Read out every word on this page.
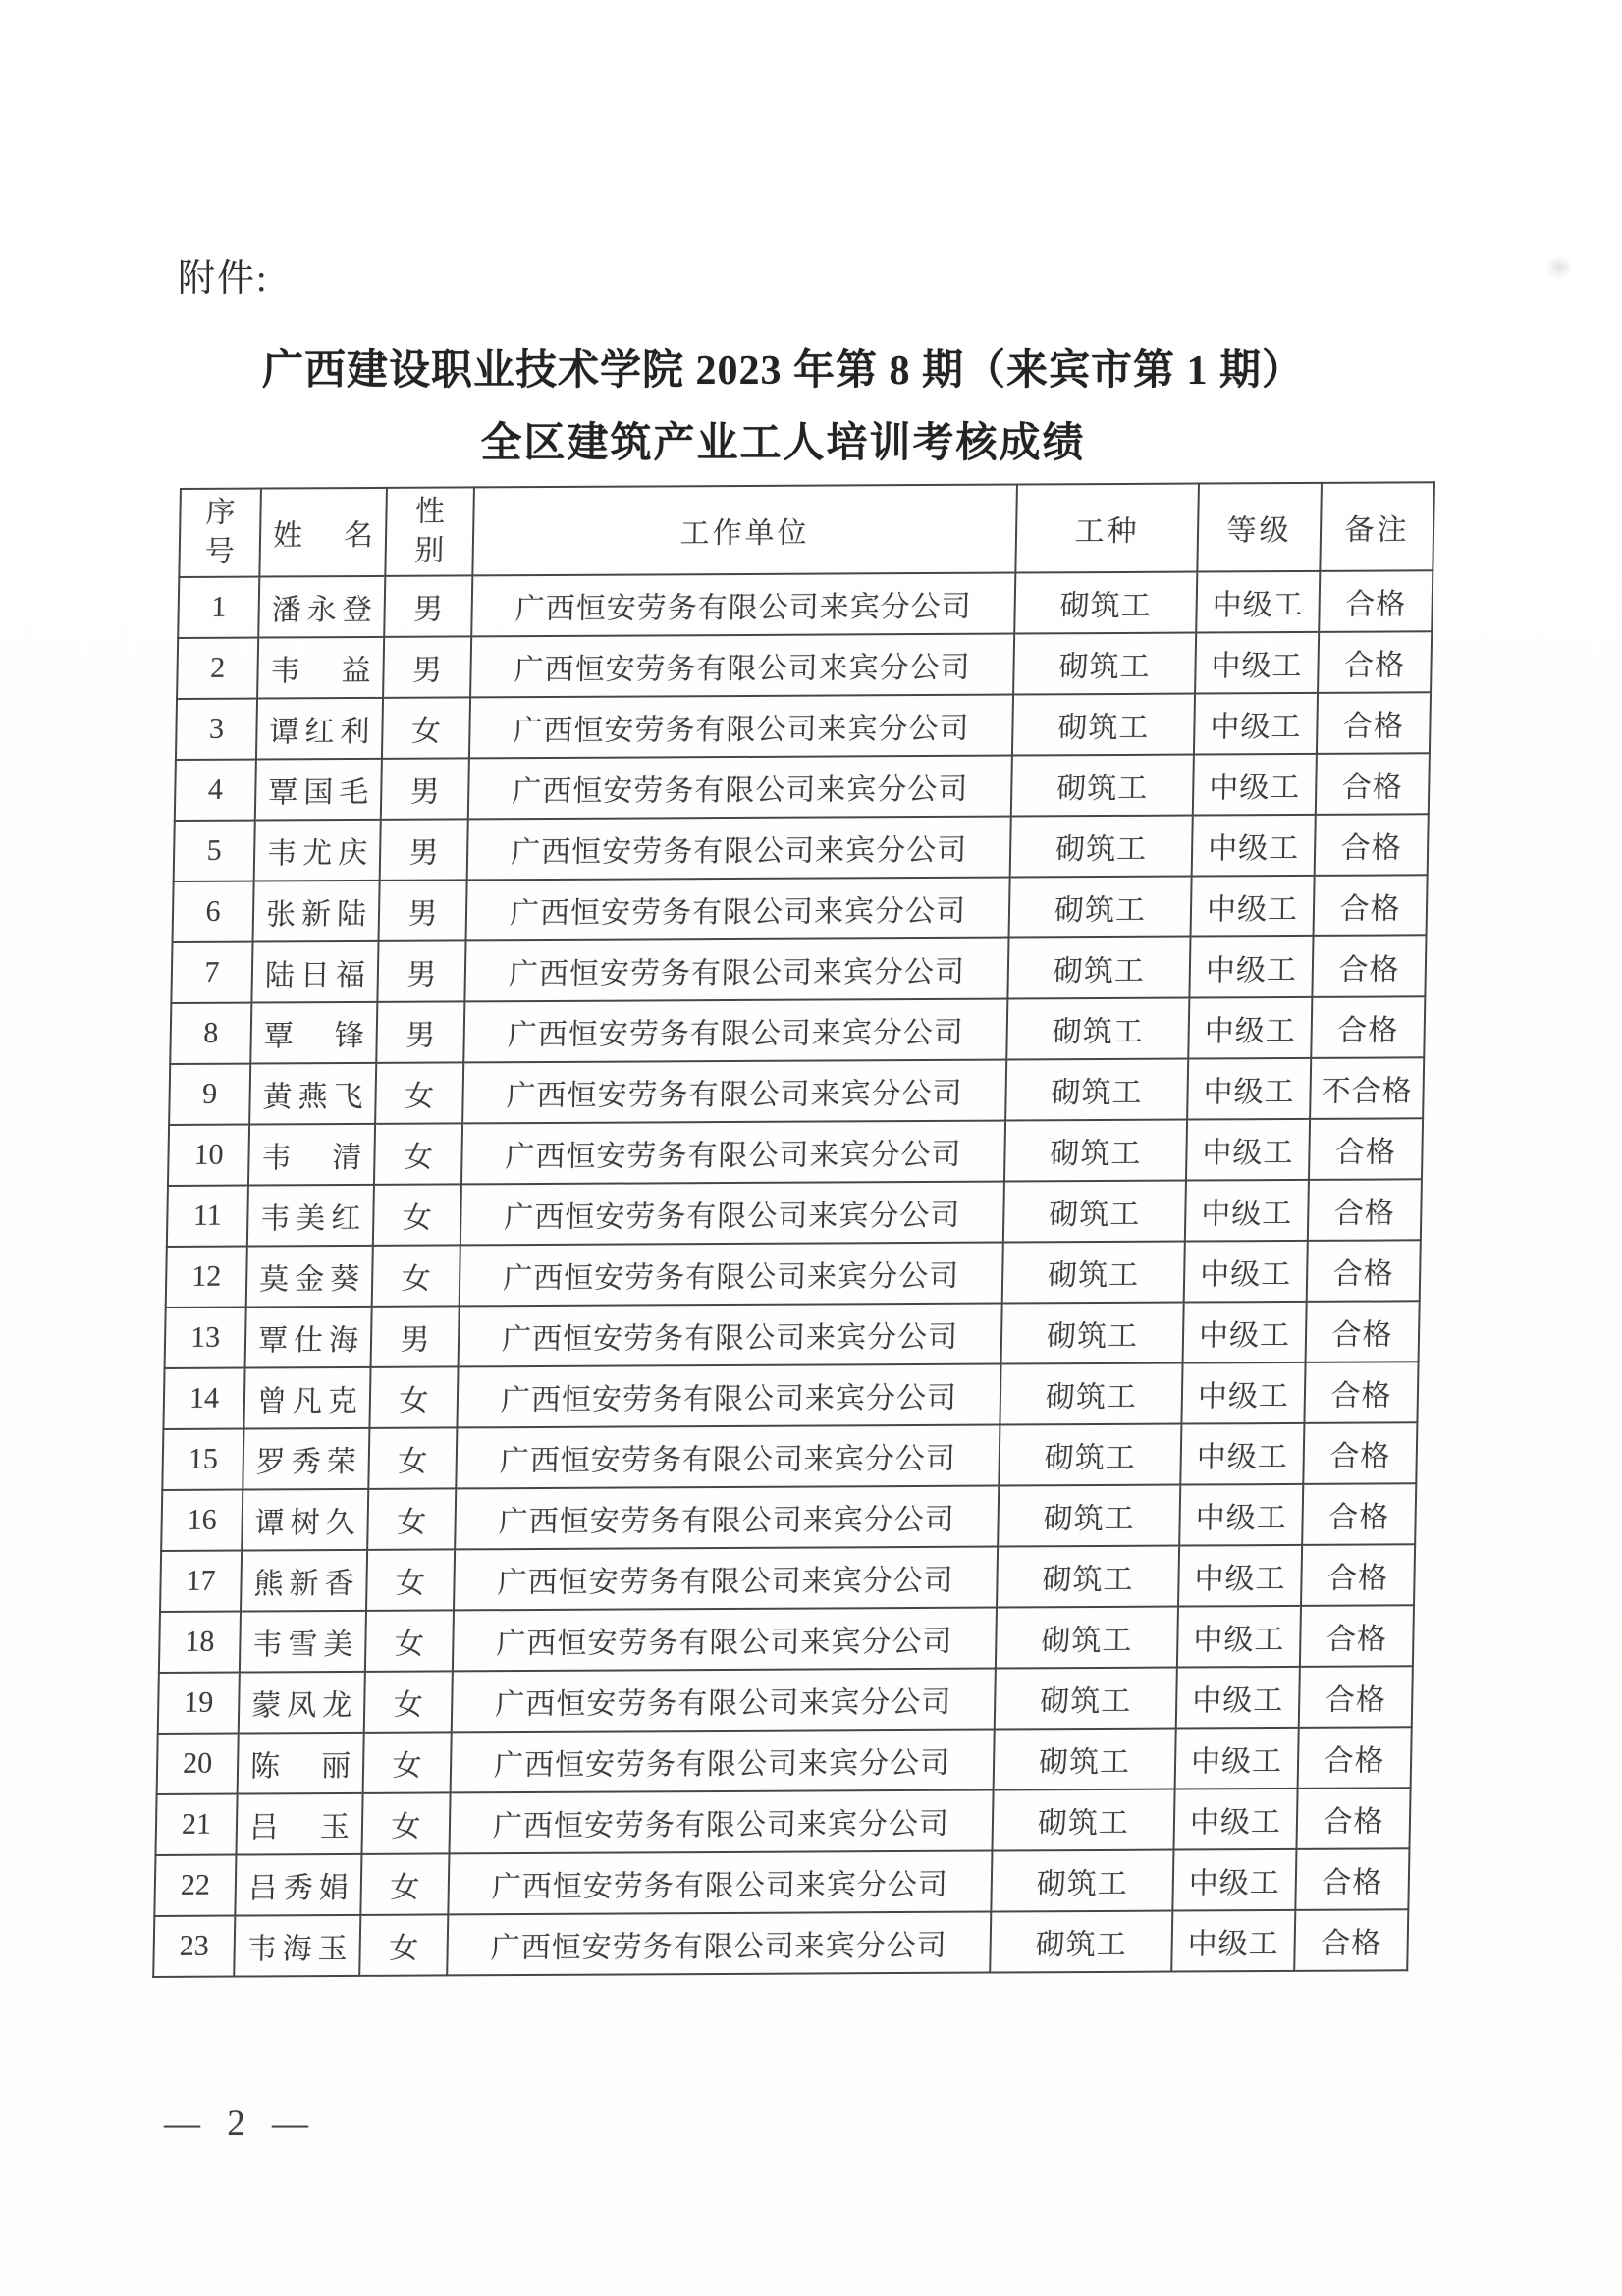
附件:
广西建设职业技术学院 2023 年第 8 期（来宾市第 1 期）
全区建筑产业工人培训考核成绩
序号	姓名	性别	工作单位	工种	等级	备注
1	潘永登	男	广西恒安劳务有限公司来宾分公司	砌筑工	中级工	合格
2	韦益	男	广西恒安劳务有限公司来宾分公司	砌筑工	中级工	合格
3	谭红利	女	广西恒安劳务有限公司来宾分公司	砌筑工	中级工	合格
4	覃国毛	男	广西恒安劳务有限公司来宾分公司	砌筑工	中级工	合格
5	韦尤庆	男	广西恒安劳务有限公司来宾分公司	砌筑工	中级工	合格
6	张新陆	男	广西恒安劳务有限公司来宾分公司	砌筑工	中级工	合格
7	陆日福	男	广西恒安劳务有限公司来宾分公司	砌筑工	中级工	合格
8	覃锋	男	广西恒安劳务有限公司来宾分公司	砌筑工	中级工	合格
9	黄燕飞	女	广西恒安劳务有限公司来宾分公司	砌筑工	中级工	不合格
10	韦清	女	广西恒安劳务有限公司来宾分公司	砌筑工	中级工	合格
11	韦美红	女	广西恒安劳务有限公司来宾分公司	砌筑工	中级工	合格
12	莫金葵	女	广西恒安劳务有限公司来宾分公司	砌筑工	中级工	合格
13	覃仕海	男	广西恒安劳务有限公司来宾分公司	砌筑工	中级工	合格
14	曾凡克	女	广西恒安劳务有限公司来宾分公司	砌筑工	中级工	合格
15	罗秀荣	女	广西恒安劳务有限公司来宾分公司	砌筑工	中级工	合格
16	谭树久	女	广西恒安劳务有限公司来宾分公司	砌筑工	中级工	合格
17	熊新香	女	广西恒安劳务有限公司来宾分公司	砌筑工	中级工	合格
18	韦雪美	女	广西恒安劳务有限公司来宾分公司	砌筑工	中级工	合格
19	蒙凤龙	女	广西恒安劳务有限公司来宾分公司	砌筑工	中级工	合格
20	陈丽	女	广西恒安劳务有限公司来宾分公司	砌筑工	中级工	合格
21	吕玉	女	广西恒安劳务有限公司来宾分公司	砌筑工	中级工	合格
22	吕秀娟	女	广西恒安劳务有限公司来宾分公司	砌筑工	中级工	合格
23	韦海玉	女	广西恒安劳务有限公司来宾分公司	砌筑工	中级工	合格
— 2 —
